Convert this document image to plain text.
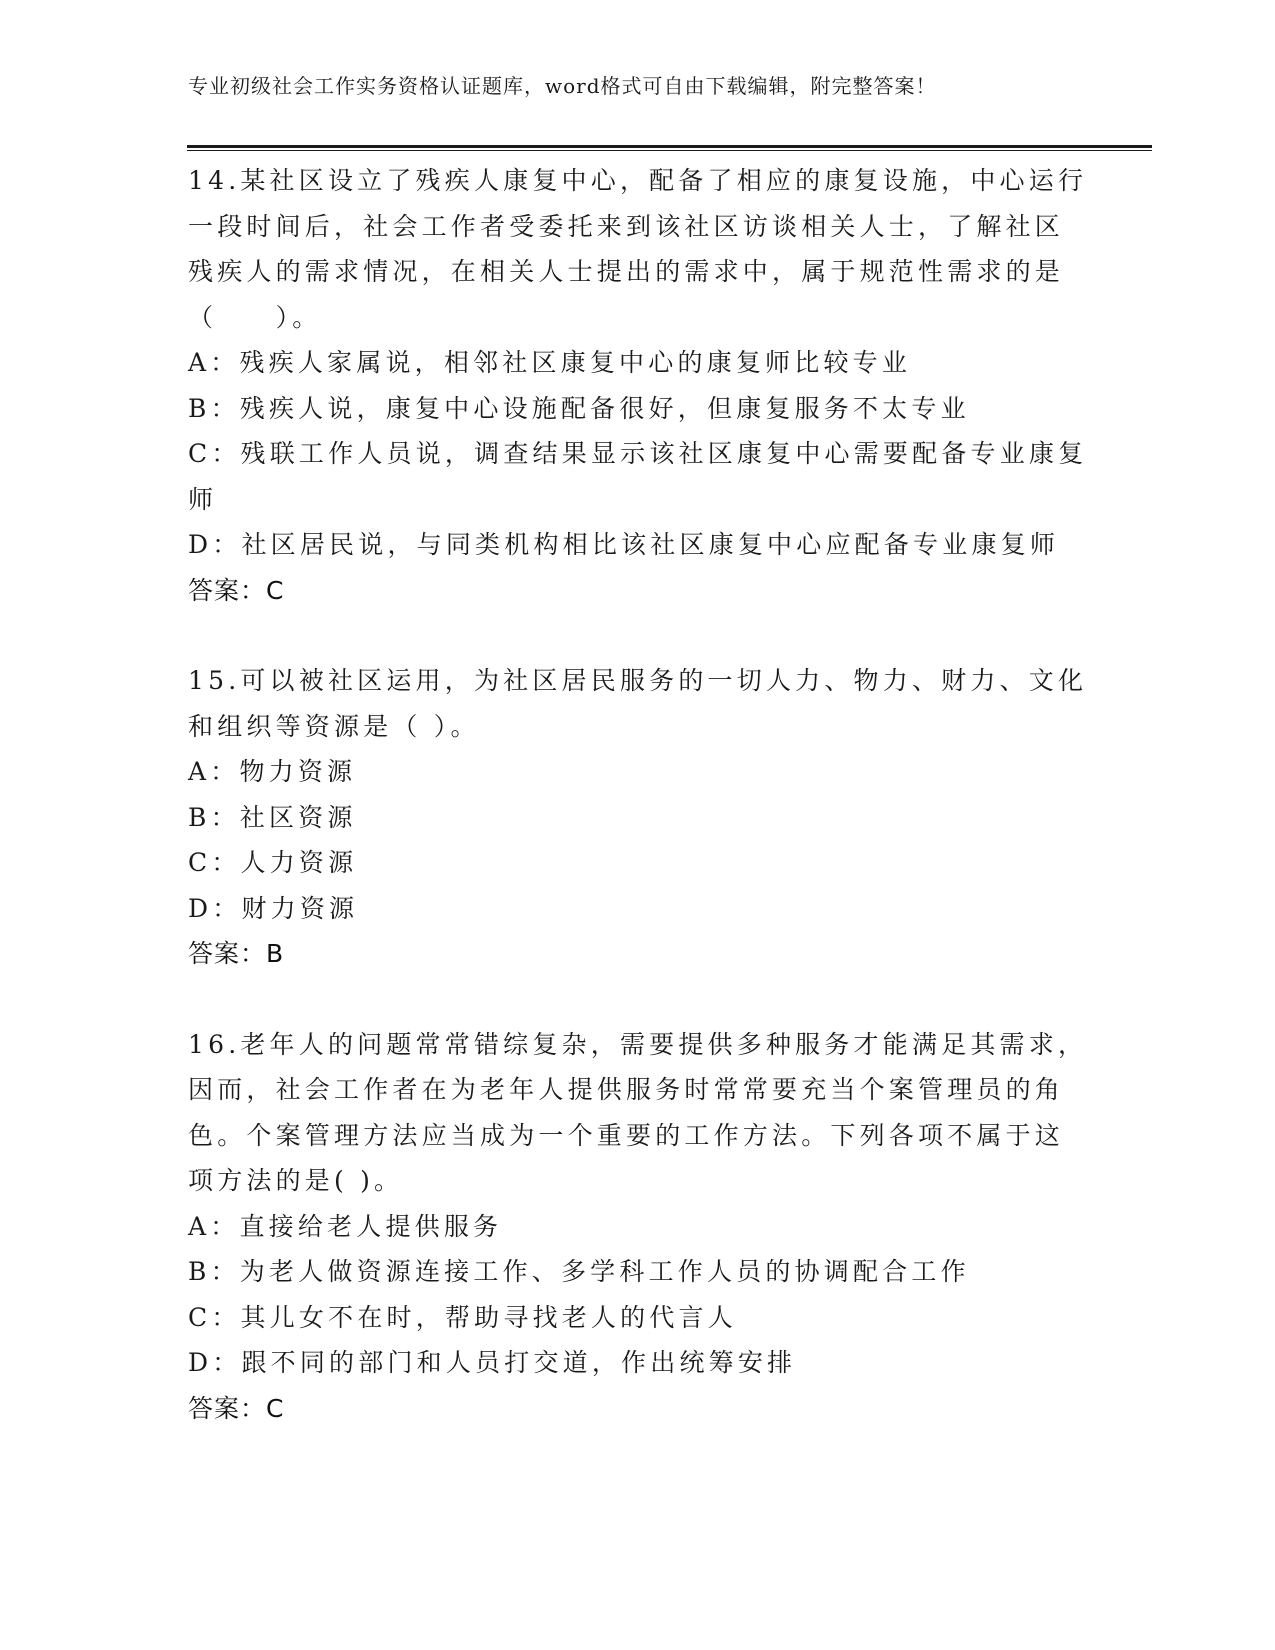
专业初级社会工作实务资格认证题库，word格式可自由下载编辑，附完整答案！
14.某社区设立了残疾人康复中心，配备了相应的康复设施，中心运行
一段时间后，社会工作者受委托来到该社区访谈相关人士，了解社区
残疾人的需求情况，在相关人士提出的需求中，属于规范性需求的是
（　　）。
A：残疾人家属说，相邻社区康复中心的康复师比较专业
B：残疾人说，康复中心设施配备很好，但康复服务不太专业
C：残联工作人员说，调查结果显示该社区康复中心需要配备专业康复
师
D：社区居民说，与同类机构相比该社区康复中心应配备专业康复师
答案：C
15.可以被社区运用，为社区居民服务的一切人力、物力、财力、文化
和组织等资源是（ ）。
A：物力资源
B：社区资源
C：人力资源
D：财力资源
答案：B
16.老年人的问题常常错综复杂，需要提供多种服务才能满足其需求，
因而，社会工作者在为老年人提供服务时常常要充当个案管理员的角
色。个案管理方法应当成为一个重要的工作方法。下列各项不属于这
项方法的是( )。
A：直接给老人提供服务
B：为老人做资源连接工作、多学科工作人员的协调配合工作
C：其儿女不在时，帮助寻找老人的代言人
D：跟不同的部门和人员打交道，作出统筹安排
答案：C
